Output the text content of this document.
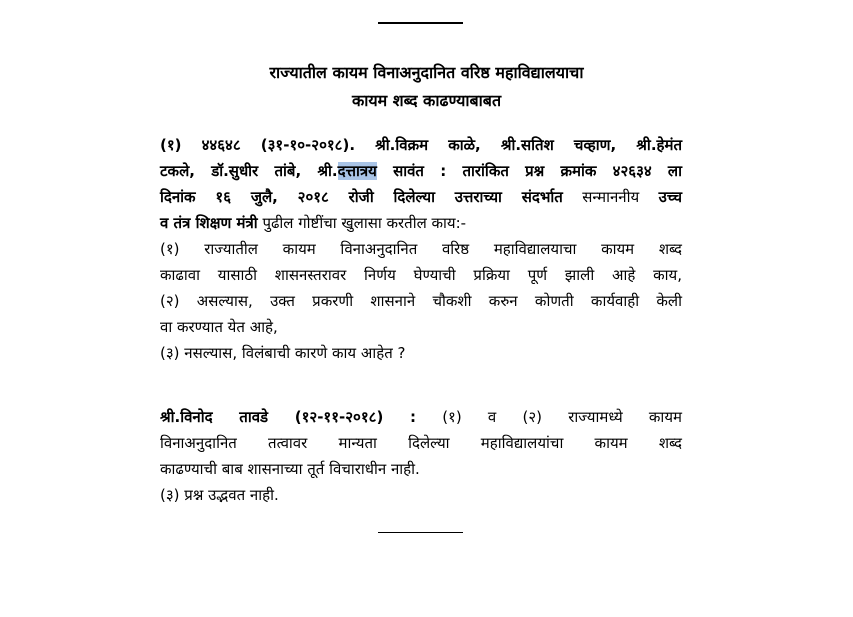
राज्यातील कायम विनाअनुदानित वरिष्ठ महाविद्यालयाचा
कायम शब्द काढण्याबाबत
(१) ४४६४८ (३१-१०-२०१८). श्री.विक्रम काळे, श्री.सतिश चव्हाण, श्री.हेमंत
टकले, डॉ.सुधीर तांबे, श्री.दत्तात्रय सावंत : तारांकित प्रश्न क्रमांक ४२६३४ ला
दिनांक १६ जुलै, २०१८ रोजी दिलेल्या उत्तराच्या संदर्भात सन्माननीय उच्च
व तंत्र शिक्षण मंत्री पुढील गोष्टींचा खुलासा करतील काय:-
(१) राज्यातील कायम विनाअनुदानित वरिष्ठ महाविद्यालयाचा कायम शब्द
काढावा यासाठी शासनस्तरावर निर्णय घेण्याची प्रक्रिया पूर्ण झाली आहे काय,
(२) असल्यास, उक्त प्रकरणी शासनाने चौकशी करुन कोणती कार्यवाही केली
वा करण्यात येत आहे,
(३) नसल्यास, विलंबाची कारणे काय आहेत ?
श्री.विनोद तावडे (१२-११-२०१८) : (१) व (२) राज्यामध्ये कायम
विनाअनुदानित तत्वावर मान्यता दिलेल्या महाविद्यालयांचा कायम शब्द
काढण्याची बाब शासनाच्या तूर्त विचाराधीन नाही.
(३) प्रश्न उद्भवत नाही.
